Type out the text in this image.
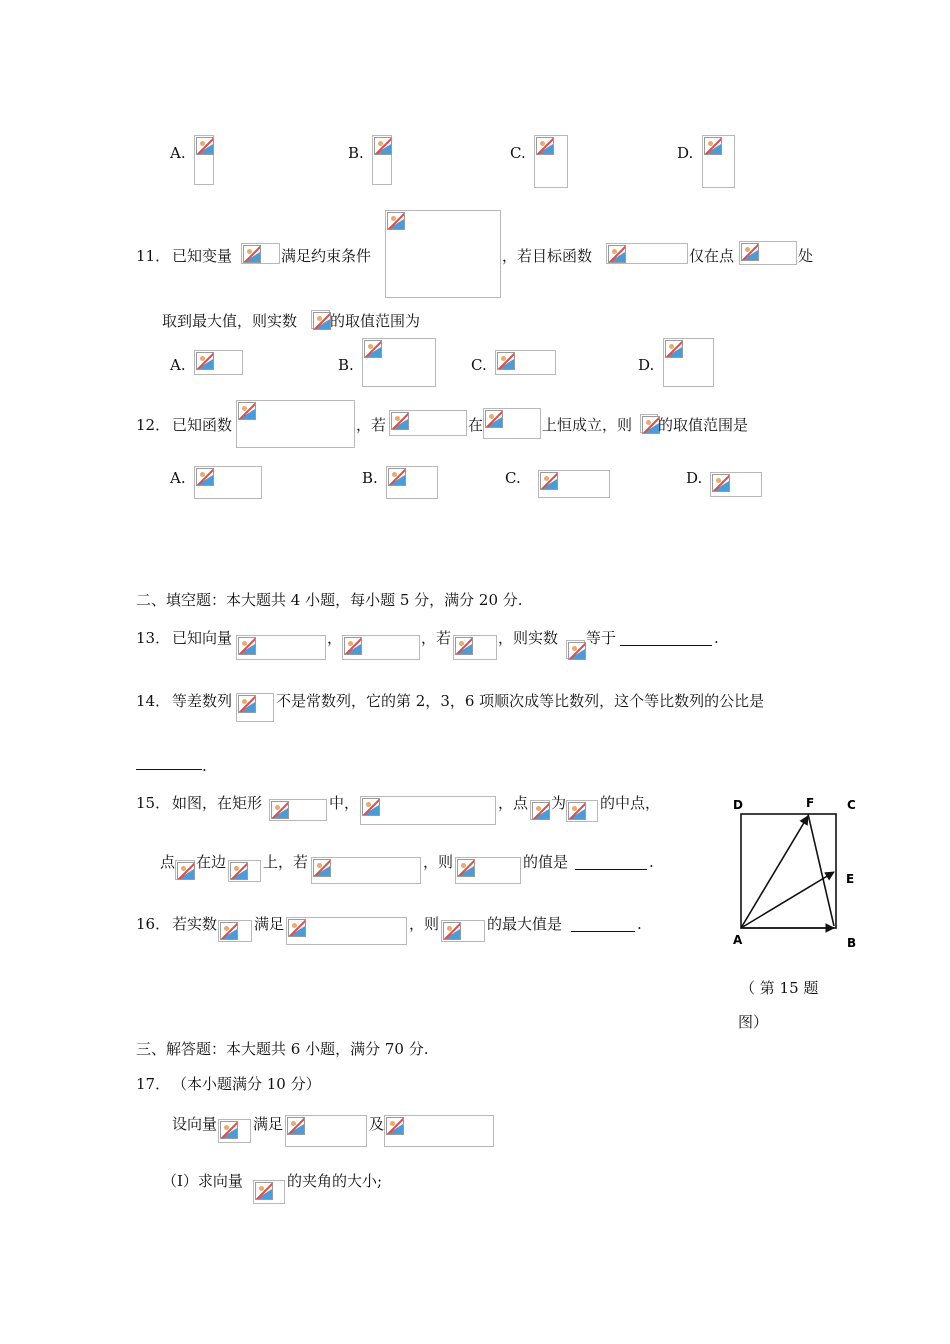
A.	B.	C.	D.
11． 已知变量	满足约束条件	，若目标函数	仅在点	处
取到最大值，则实数 的取值范围为
A.	B.	C.	D.
12． 已知函数	，若	在	上恒成立，则 的取值范围是
A.	B.	C.	D.
二、填空题：本大题共 4 小题，每小题 5 分，满分 20 分.
13． 已知向量	，	，若	，则实数 等于	.
14． 等差数列	不是常数列，它的第 2，3，6 项顺次成等比数列，这个等比数列的公比是
.
15． 如图，在矩形	中，	，点 为 的中点，
点 在边 上，若	，则	的值是	.
16． 若实数 满足	，则	的最大值是	.
D	F	C
E
A	B
（ 第 15 题
图）
三、解答题：本大题共 6 小题，满分 70 分.
17． （本小题满分 10 分）
设向量 满足	及
（Ⅰ）求向量	的夹角的大小;
